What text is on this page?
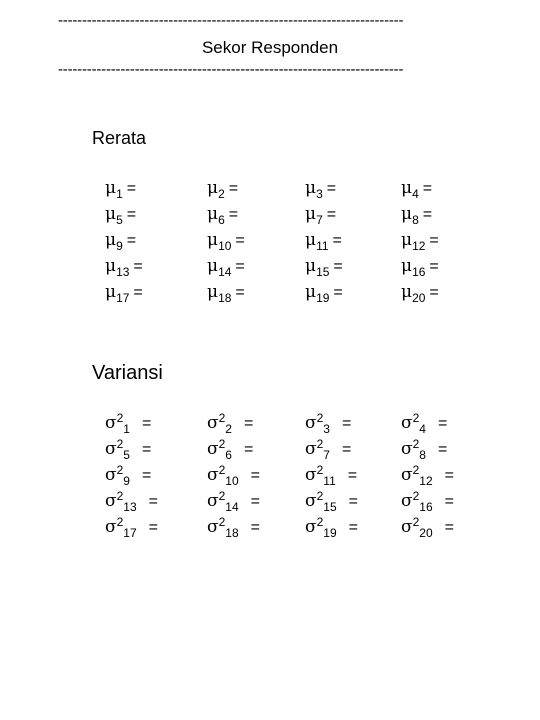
------------------------------------------------------------------------
Sekor Responden
------------------------------------------------------------------------
Rerata
$\mu_1$ =	$\mu_2$ =	$\mu_3$ =	$\mu_4$ =
$\mu_5$ =	$\mu_6$ =	$\mu_7$ =	$\mu_8$ =
$\mu_9$ =	$\mu_{10}$ =	$\mu_{11}$ =	$\mu_{12}$ =
$\mu_{13}$ =	$\mu_{14}$ =	$\mu_{15}$ =	$\mu_{16}$ =
$\mu_{17}$ =	$\mu_{18}$ =	$\mu_{19}$ =	$\mu_{20}$ =
Variansi
$\sigma^2_1$ =	$\sigma^2_2$ =	$\sigma^2_3$ =	$\sigma^2_4$ =
$\sigma^2_5$ =	$\sigma^2_6$ =	$\sigma^2_7$ =	$\sigma^2_8$ =
$\sigma^2_9$ =	$\sigma^2_{10}$ =	$\sigma^2_{11}$ =	$\sigma^2_{12}$ =
$\sigma^2_{13}$ =	$\sigma^2_{14}$ =	$\sigma^2_{15}$ =	$\sigma^2_{16}$ =
$\sigma^2_{17}$ =	$\sigma^2_{18}$ =	$\sigma^2_{19}$ =	$\sigma^2_{20}$ =
